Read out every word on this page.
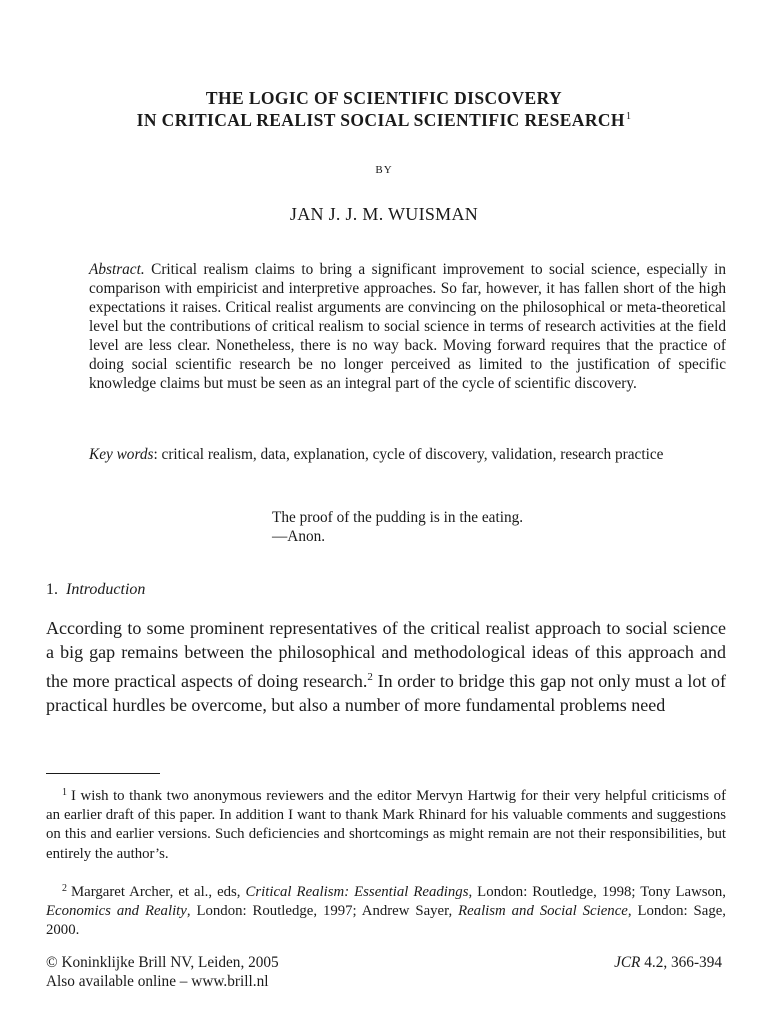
THE LOGIC OF SCIENTIFIC DISCOVERY
IN CRITICAL REALIST SOCIAL SCIENTIFIC RESEARCH$^1$
BY
JAN J. J. M. WUISMAN
Abstract. Critical realism claims to bring a significant improvement to social science, especially in comparison with empiricist and interpretive approaches. So far, however, it has fallen short of the high expectations it raises. Critical realist arguments are convincing on the philosophical or meta-theoretical level but the contributions of critical realism to social science in terms of research activities at the field level are less clear. Nonetheless, there is no way back. Moving forward requires that the practice of doing social scientific research be no longer perceived as limited to the justification of specific knowledge claims but must be seen as an integral part of the cycle of scientific discovery.
Key words: critical realism, data, explanation, cycle of discovery, validation, research practice
The proof of the pudding is in the eating.
—Anon.
1. Introduction
According to some prominent representatives of the critical realist approach to social science a big gap remains between the philosophical and methodological ideas of this approach and the more practical aspects of doing research.$^2$ In order to bridge this gap not only must a lot of practical hurdles be overcome, but also a number of more fundamental problems need
$^1$ I wish to thank two anonymous reviewers and the editor Mervyn Hartwig for their very helpful criticisms of an earlier draft of this paper. In addition I want to thank Mark Rhinard for his valuable comments and suggestions on this and earlier versions. Such deficiencies and shortcomings as might remain are not their responsibilities, but entirely the author’s.
$^2$ Margaret Archer, et al., eds, Critical Realism: Essential Readings, London: Routledge, 1998; Tony Lawson, Economics and Reality, London: Routledge, 1997; Andrew Sayer, Realism and Social Science, London: Sage, 2000.
© Koninklijke Brill NV, Leiden, 2005
Also available online – www.brill.nl
JCR 4.2, 366-394
